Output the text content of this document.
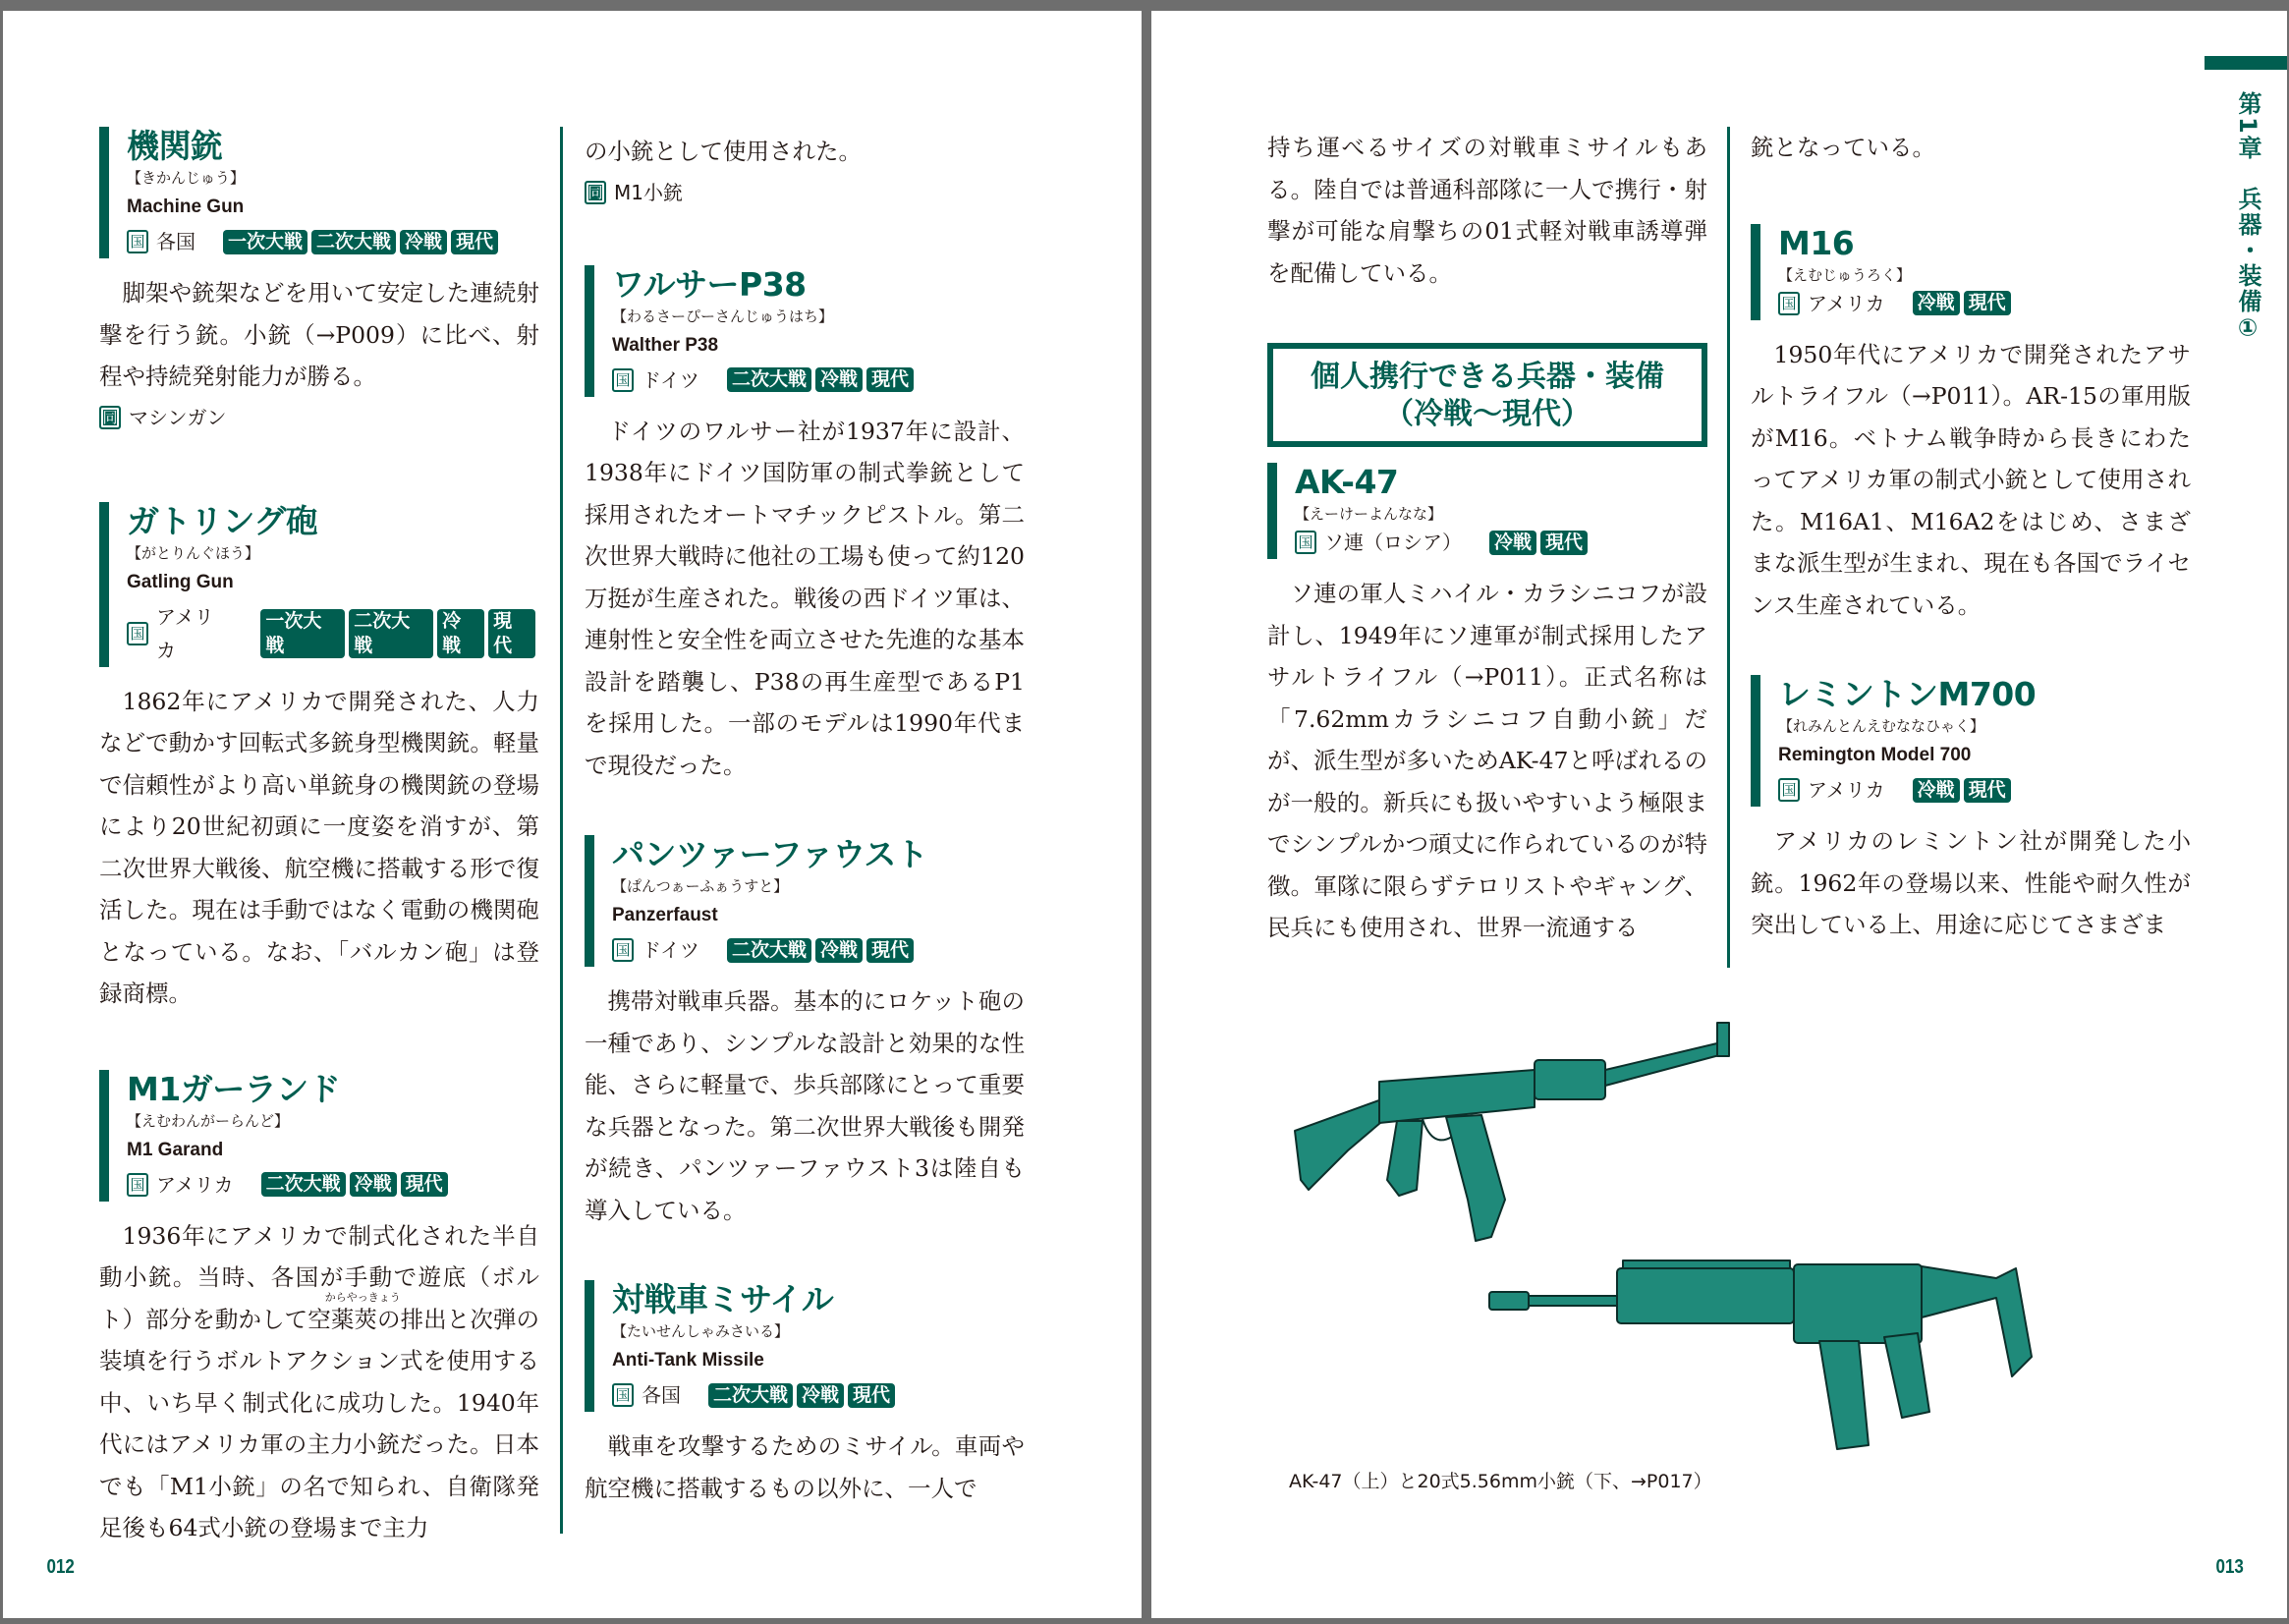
機関銃
【きかんじゅう】
Machine Gun
国 各国 一次大戦 二次大戦 冷戦 現代

脚架や銃架などを用いて安定した連続射撃を行う銃。小銃（→P009）に比べ、射程や持続発射能力が勝る。

同 マシンガン
ガトリング砲
【がとりんぐほう】
Gatling Gun
国
アメリカ
一次大戦
二次大戦
冷戦
現代

1862年にアメリカで開発された、人力などで動かす回転式多銃身型機関銃。軽量で信頼性がより高い単銃身の機関銃の登場により20世紀初頭に一度姿を消すが、第二次世界大戦後、航空機に搭載する形で復活した。現在は手動ではなく電動の機関砲となっている。なお、「バルカン砲」は登録商標。

M1ガーランド
【えむわんがーらんど】
M1 Garand
国 アメリカ 二次大戦 冷戦 現代

1936年にアメリカで制式化された半自動小銃。当時、各国が手動で遊底（ボルト）部分を動かして
からやっきょう
空薬莢の排出と次弾の装填を行うボルトアクション式を使用する中、いち早く制式化に成功した。1940年代にはアメリカ軍の主力小銃だった。日本でも「M1小銃」の名で知られ、自衛隊発足後も64式小銃の登場まで主力

の小銃として使用された。

同 M1小銃
ワルサーP38
【わるさーぴーさんじゅうはち】
Walther P38
国 ドイツ 二次大戦 冷戦 現代

ドイツのワルサー社が1937年に設計、1938年にドイツ国防軍の制式拳銃として採用されたオートマチックピストル。第二次世界大戦時に他社の工場も使って約120万挺が生産された。戦後の西ドイツ軍は、連射性と安全性を両立させた先進的な基本設計を踏襲し、P38の再生産型であるP1を採用した。一部のモデルは1990年代まで現役だった。

パンツァーファウスト
【ぱんつぁーふぁうすと】
Panzerfaust
国 ドイツ 二次大戦 冷戦 現代

携帯対戦車兵器。基本的にロケット砲の一種であり、シンプルな設計と効果的な性能、さらに軽量で、歩兵部隊にとって重要な兵器となった。第二次世界大戦後も開発が続き、パンツァーファウスト3は陸自も導入している。

対戦車ミサイル
【たいせんしゃみさいる】
Anti-Tank Missile
国 各国 二次大戦 冷戦 現代

戦車を攻撃するためのミサイル。車両や航空機に搭載するもの以外に、一人で

012
第1章　兵器・装備①

持ち運べるサイズの対戦車ミサイルもある。陸自では普通科部隊に一人で携行・射撃が可能な肩撃ちの01式軽対戦車誘導弾を配備している。

個人携行できる兵器・装備
（冷戦〜現代）
AK-47
【えーけーよんなな】
国 ソ連（ロシア） 冷戦 現代

ソ連の軍人ミハイル・カラシニコフが設計し、1949年にソ連軍が制式採用したアサルトライフル（→P011）。正式名称は「7.62mmカラシニコフ自動小銃」だが、派生型が多いためAK-47と呼ばれるのが一般的。新兵にも扱いやすいよう極限までシンプルかつ頑丈に作られているのが特徴。軍隊に限らずテロリストやギャング、民兵にも使用され、世界一流通する

銃となっている。

M16
【えむじゅうろく】
国 アメリカ 冷戦 現代

1950年代にアメリカで開発されたアサルトライフル（→P011）。AR-15の軍用版がM16。ベトナム戦争時から長きにわたってアメリカ軍の制式小銃として使用された。M16A1、M16A2をはじめ、さまざまな派生型が生まれ、現在も各国でライセンス生産されている。

レミントンM700
【れみんとんえむななひゃく】
Remington Model 700
国 アメリカ 冷戦 現代

アメリカのレミントン社が開発した小銃。1962年の登場以来、性能や耐久性が突出している上、用途に応じてさまざま

AK-47（上）と20式5.56mm小銃（下、→P017）
013
